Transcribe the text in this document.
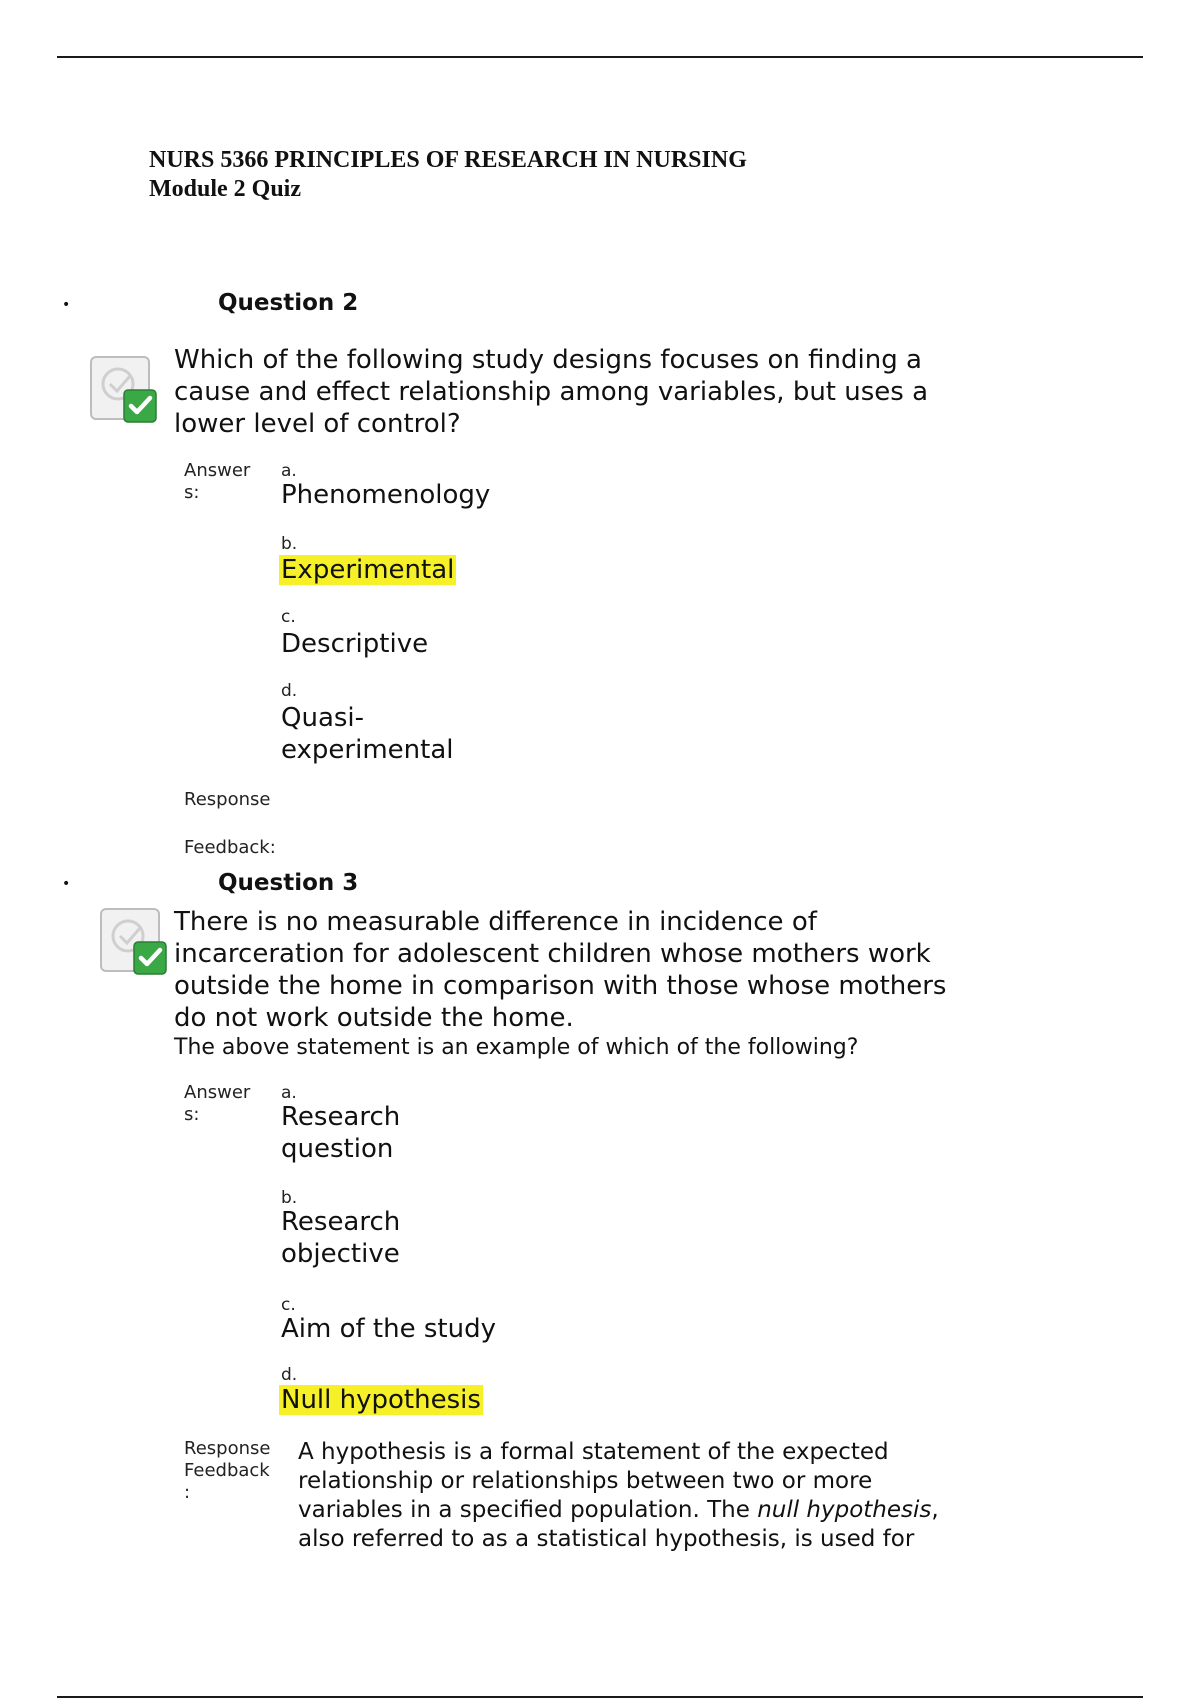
NURS 5366 PRINCIPLES OF RESEARCH IN NURSING
Module 2 Quiz
•	Question 2
Which of the following study designs focuses on finding a
cause and effect relationship among variables, but uses a
lower level of control?
Answer
s:
a.
Phenomenology
b.
Experimental
c.
Descriptive
d.
Quasi-
experimental
Response
Feedback:
•	Question 3
There is no measurable difference in incidence of
incarceration for adolescent children whose mothers work
outside the home in comparison with those whose mothers
do not work outside the home.
The above statement is an example of which of the following?
Answer
s:
a.
Research
question
b.
Research
objective
c.
Aim of the study
d.
Null hypothesis
Response
Feedback
:
A hypothesis is a formal statement of the expected
relationship or relationships between two or more
variables in a specified population. The null hypothesis,
also referred to as a statistical hypothesis, is used for
